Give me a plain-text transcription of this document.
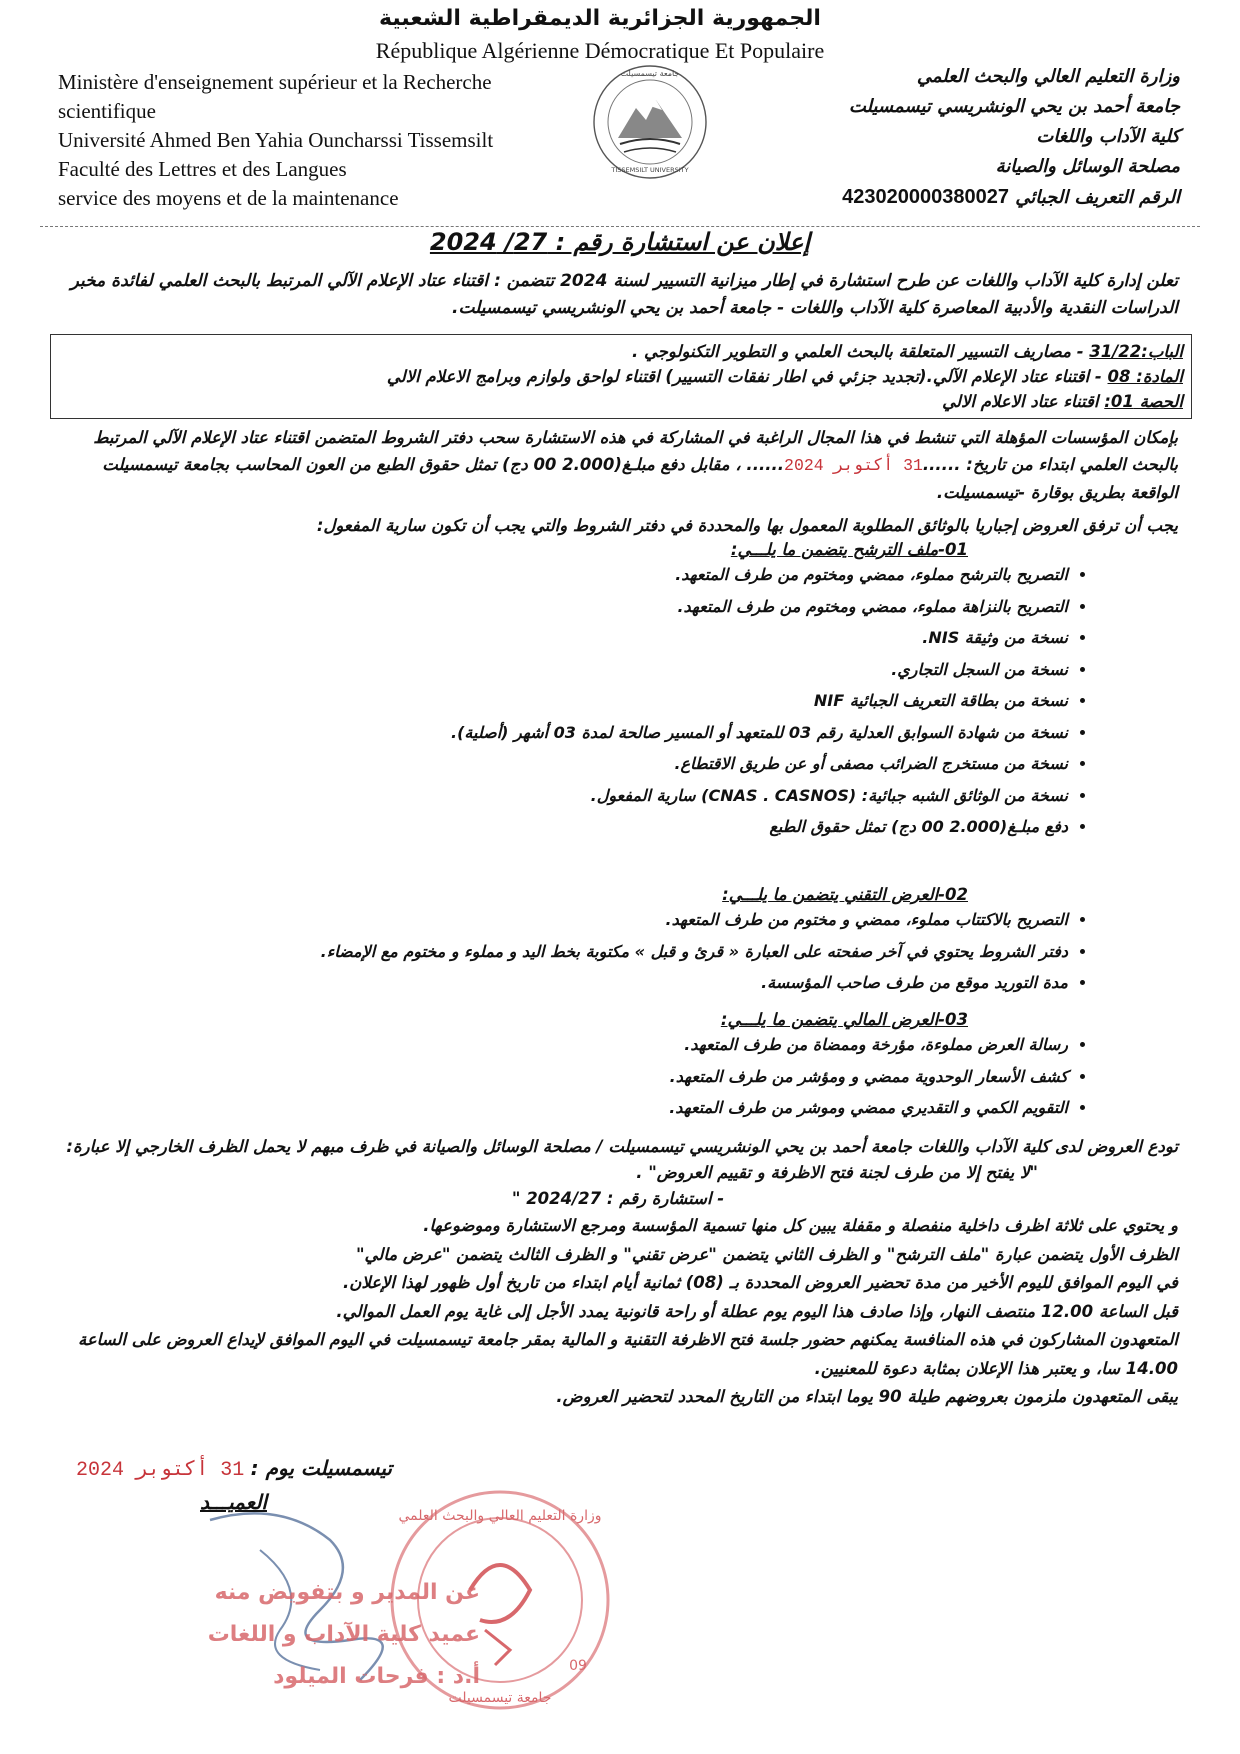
الجمهورية الجزائرية الديمقراطية الشعبية
République Algérienne Démocratique Et Populaire
Ministère d'enseignement supérieur et la Recherche
scientifique
Université Ahmed Ben Yahia Ouncharssi Tissemsilt
Faculté des Lettres et des Langues
service des moyens et de la maintenance
جامعة تيسمسيلت
TISSEMSILT UNIVERSITY
وزارة التعليم العالي والبحث العلمي
جامعة أحمد بن يحي الونشريسي تيسمسيلت
كلية الآداب واللغات
مصلحة الوسائل والصيانة
الرقم التعريف الجبائي 423020000380027
إعلان عن استشارة رقم : 27/ 2024
تعلن إدارة كلية الآداب واللغات عن طرح استشارة في إطار ميزانية التسيير لسنة 2024 تتضمن : اقتناء عتاد الإعلام الآلي المرتبط بالبحث العلمي لفائدة مخبر الدراسات النقدية والأدبية المعاصرة كلية الآداب واللغات - جامعة أحمد بن يحي الونشريسي تيسمسيلت.
الباب:31/22 - مصاريف التسيير المتعلقة بالبحث العلمي و التطوير التكنولوجي .
المادة: 08 - اقتناء عتاد الإعلام الآلي.(تجديد جزئي في اطار نفقات التسيير) اقتناء لواحق ولوازم وبرامج الاعلام الالي
الحصة 01: اقتناء عتاد الاعلام الالي
بإمكان المؤسسات المؤهلة التي تنشط في هذا المجال الراغبة في المشاركة في هذه الاستشارة سحب دفتر الشروط المتضمن اقتناء عتاد الإعلام الآلي المرتبط بالبحث العلمي ابتداء من تاريخ: ......31 أكتوبر 2024...... ، مقابل دفع مبلـغ(2.000 00 دج) تمثل حقوق الطبع من العون المحاسب بجامعة تيسمسيلت الواقعة بطريق بوقارة -تيسمسيلت.
يجب أن ترفق العروض إجباريا بالوثائق المطلوبة المعمول بها والمحددة في دفتر الشروط والتي يجب أن تكون سارية المفعول:
01-ملف الترشح يتضمن ما يلـــي:
• التصريح بالترشح مملوء، ممضي ومختوم من طرف المتعهد.
• التصريح بالنزاهة مملوء، ممضي ومختوم من طرف المتعهد.
• نسخة من وثيقة NIS.
• نسخة من السجل التجاري.
• نسخة من بطاقة التعريف الجبائية NIF
• نسخة من شهادة السوابق العدلية رقم 03 للمتعهد أو المسير صالحة لمدة 03 أشهر (أصلية).
• نسخة من مستخرج الضرائب مصفى أو عن طريق الاقتطاع.
• نسخة من الوثائق الشبه جبائية: (CNAS . CASNOS) سارية المفعول.
• دفع مبلـغ(2.000 00 دج) تمثل حقوق الطبع
02-العرض التقني يتضمن ما يلـــي:
• التصريح بالاكتتاب مملوء، ممضي و مختوم من طرف المتعهد.
• دفتر الشروط يحتوي في آخر صفحته على العبارة « قرئ و قبل » مكتوبة بخط اليد و مملوء و مختوم مع الإمضاء.
• مدة التوريد موقع من طرف صاحب المؤسسة.
03-العرض المالي يتضمن ما يلـــي:
• رسالة العرض مملوءة، مؤرخة وممضاة من طرف المتعهد.
• كشف الأسعار الوحدوية ممضي و ومؤشر من طرف المتعهد.
• التقويم الكمي و التقديري ممضي وموشر من طرف المتعهد.
تودع العروض لدى كلية الآداب واللغات جامعة أحمد بن يحي الونشريسي تيسمسيلت / مصلحة الوسائل والصيانة في ظرف مبهم لا يحمل الظرف الخارجي إلا عبارة:
"لا يفتح إلا من طرف لجنة فتح الاظرفة و تقييم العروض" .
- استشارة رقم : 2024/27 "
و يحتوي على ثلاثة اظرف داخلية منفصلة و مقفلة يبين كل منها تسمية المؤسسة ومرجع الاستشارة وموضوعها.
الظرف الأول يتضمن عبارة "ملف الترشح" و الظرف الثاني يتضمن "عرض تقني" و الظرف الثالث يتضمن "عرض مالي"
في اليوم الموافق لليوم الأخير من مدة تحضير العروض المحددة بـ (08) ثمانية أيام ابتداء من تاريخ أول ظهور لهذا الإعلان.
قبل الساعة 12.00 منتصف النهار، وإذا صادف هذا اليوم يوم عطلة أو راحة قانونية يمدد الأجل إلى غاية يوم العمل الموالي.
المتعهدون المشاركون في هذه المنافسة يمكنهم حضور جلسة فتح الاظرفة التقنية و المالية بمقر جامعة تيسمسيلت في اليوم الموافق لإيداع العروض على الساعة 14.00 سا، و يعتبر هذا الإعلان بمثابة دعوة للمعنيين.
يبقى المتعهدون ملزمون بعروضهم طيلة 90 يوما ابتداء من التاريخ المحدد لتحضير العروض.
تيسمسيلت يوم : 31 أكتوبر 2024
العميـــد
وزارة التعليم العالي والبحث العلمي
جامعة تيسمسيلت
09
عن المدير و بتفويض منه
عميد كلية الآداب و اللغات
أ.د : فرحات الميلود
